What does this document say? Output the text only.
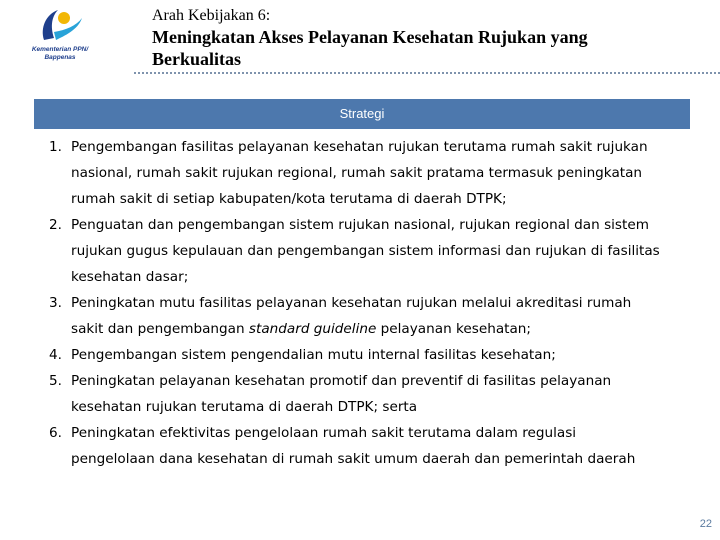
Kementerian PPN/
Bappenas
Arah Kebijakan 6:
Meningkatan Akses Pelayanan Kesehatan Rujukan yang
Berkualitas
Strategi
1. Pengembangan fasilitas pelayanan kesehatan rujukan terutama rumah sakit rujukan
nasional, rumah sakit rujukan regional, rumah sakit pratama termasuk peningkatan
rumah sakit di setiap kabupaten/kota terutama di daerah DTPK;
2. Penguatan dan pengembangan sistem rujukan nasional, rujukan regional dan sistem
rujukan gugus kepulauan dan pengembangan sistem informasi dan rujukan di fasilitas
kesehatan dasar;
3. Peningkatan mutu fasilitas pelayanan kesehatan rujukan melalui akreditasi rumah
sakit dan pengembangan standard guideline pelayanan kesehatan;
4. Pengembangan sistem pengendalian mutu internal fasilitas kesehatan;
5. Peningkatan pelayanan kesehatan promotif dan preventif di fasilitas pelayanan
kesehatan rujukan terutama di daerah DTPK; serta
6. Peningkatan efektivitas pengelolaan rumah sakit terutama dalam regulasi
pengelolaan dana kesehatan di rumah sakit umum daerah dan pemerintah daerah
22
